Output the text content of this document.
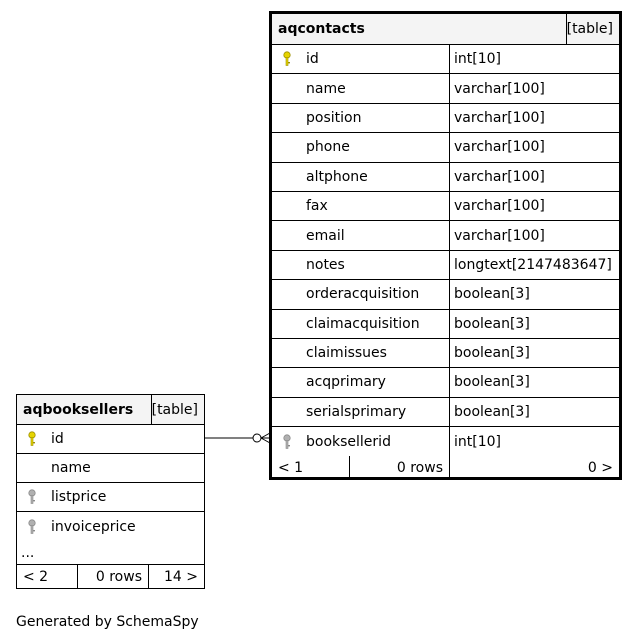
aqcontacts	[table]
id	int[10]
name	varchar[100]
position	varchar[100]
phone	varchar[100]
altphone	varchar[100]
fax	varchar[100]
email	varchar[100]
notes	longtext[2147483647]
orderacquisition	boolean[3]
claimacquisition	boolean[3]
claimissues	boolean[3]
acqprimary	boolean[3]
serialsprimary	boolean[3]
booksellerid	int[10]
< 1	0 rows	0 >
aqbooksellers	[table]
id
name
listprice
invoiceprice
...
< 2	0 rows	14 >
Generated by SchemaSpy
